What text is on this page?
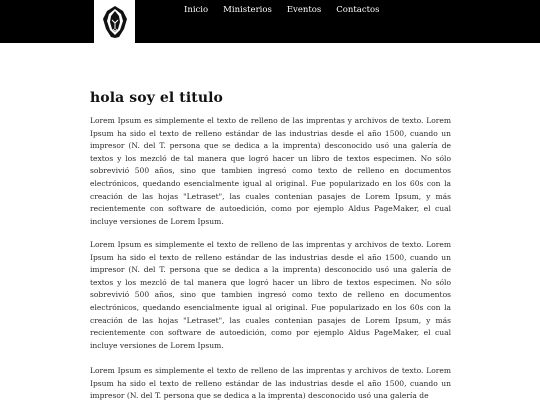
Inicio Ministerios Eventos Contactos
hola soy el titulo

Lorem Ipsum es simplemente el texto de relleno de las imprentas y archivos de texto. Lorem Ipsum ha sido el texto de relleno estándar de las industrias desde el año 1500, cuando un impresor (N. del T. persona que se dedica a la imprenta) desconocido usó una galería de textos y los mezcló de tal manera que logró hacer un libro de textos especimen. No sólo sobrevivió 500 años, sino que tambien ingresó como texto de relleno en documentos electrónicos, quedando esencialmente igual al original. Fue popularizado en los 60s con la creación de las hojas "Letraset", las cuales contenian pasajes de Lorem Ipsum, y más recientemente con software de autoedición, como por ejemplo Aldus PageMaker, el cual incluye versiones de Lorem Ipsum.

Lorem Ipsum es simplemente el texto de relleno de las imprentas y archivos de texto. Lorem Ipsum ha sido el texto de relleno estándar de las industrias desde el año 1500, cuando un impresor (N. del T. persona que se dedica a la imprenta) desconocido usó una galería de textos y los mezcló de tal manera que logró hacer un libro de textos especimen. No sólo sobrevivió 500 años, sino que tambien ingresó como texto de relleno en documentos electrónicos, quedando esencialmente igual al original. Fue popularizado en los 60s con la creación de las hojas "Letraset", las cuales contenian pasajes de Lorem Ipsum, y más recientemente con software de autoedición, como por ejemplo Aldus PageMaker, el cual incluye versiones de Lorem Ipsum.

Lorem Ipsum es simplemente el texto de relleno de las imprentas y archivos de texto. Lorem Ipsum ha sido el texto de relleno estándar de las industrias desde el año 1500, cuando un impresor (N. del T. persona que se dedica a la imprenta) desconocido usó una galería de
